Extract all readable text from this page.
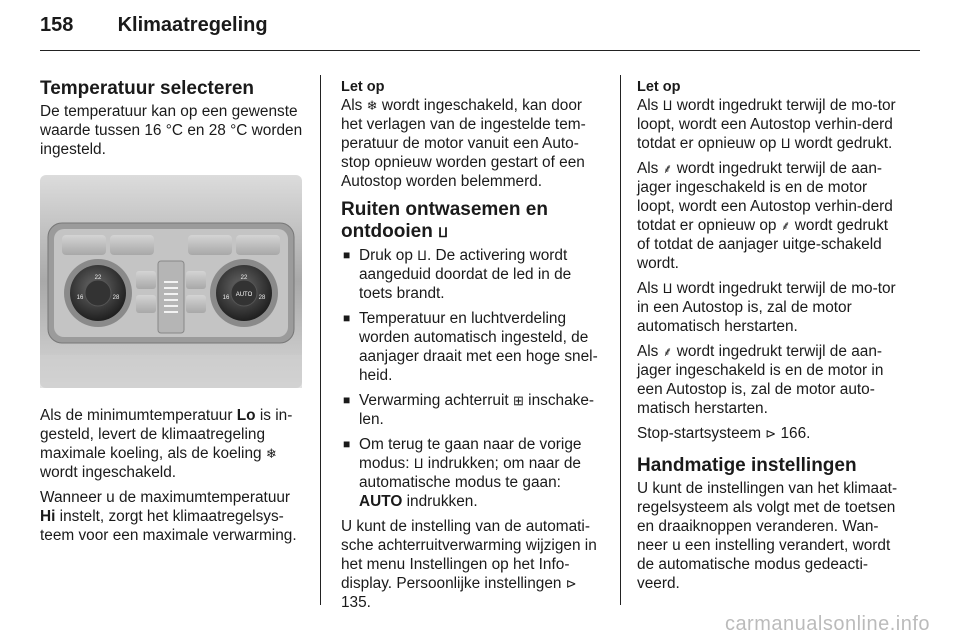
158 Klimaatregeling
Temperatuur selecteren

De temperatuur kan op een gewenste waarde tussen 16 °C en 28 °C worden ingesteld.

22
16	28
22
AUTO
16	28

Als de minimumtemperatuur Lo is in-gesteld, levert de klimaatregeling maximale koeling, als de koeling ❄ wordt ingeschakeld.

Wanneer u de maximumtemperatuur Hi instelt, zorgt het klimaatregelsys-teem voor een maximale verwarming.

Let op

Als ❄ wordt ingeschakeld, kan door het verlagen van de ingestelde tem-peratuur de motor vanuit een Auto-stop opnieuw worden gestart of een Autostop worden belemmerd.

Ruiten ontwasemen en
ontdooien ⵡ
■ Druk op ⵡ. De activering wordt aangeduid doordat de led in de toets brandt.
■ Temperatuur en luchtverdeling worden automatisch ingesteld, de aanjager draait met een hoge snel-heid.
■ Verwarming achterruit ⊞ inschake-len.
■ Om terug te gaan naar de vorige modus: ⵡ indrukken; om naar de automatische modus te gaan: AUTO indrukken.

U kunt de instelling van de automati-sche achterruitverwarming wijzigen in het menu Instellingen op het Info-display. Persoonlijke instellingen ⊳ 135.

Let op

Als ⵡ wordt ingedrukt terwijl de mo-tor loopt, wordt een Autostop verhin-derd totdat er opnieuw op ⵡ wordt gedrukt.

Als ⸙ wordt ingedrukt terwijl de aan-jager ingeschakeld is en de motor loopt, wordt een Autostop verhin-derd totdat er opnieuw op ⸙ wordt gedrukt of totdat de aanjager uitge-schakeld wordt.

Als ⵡ wordt ingedrukt terwijl de mo-tor in een Autostop is, zal de motor automatisch herstarten.

Als ⸙ wordt ingedrukt terwijl de aan-jager ingeschakeld is en de motor in een Autostop is, zal de motor auto-matisch herstarten.

Stop-startsysteem ⊳ 166.

Handmatige instellingen

U kunt de instellingen van het klimaat-regelsysteem als volgt met de toetsen en draaiknoppen veranderen. Wan-neer u een instelling verandert, wordt de automatische modus gedeacti-veerd.

carmanualsonline.info
